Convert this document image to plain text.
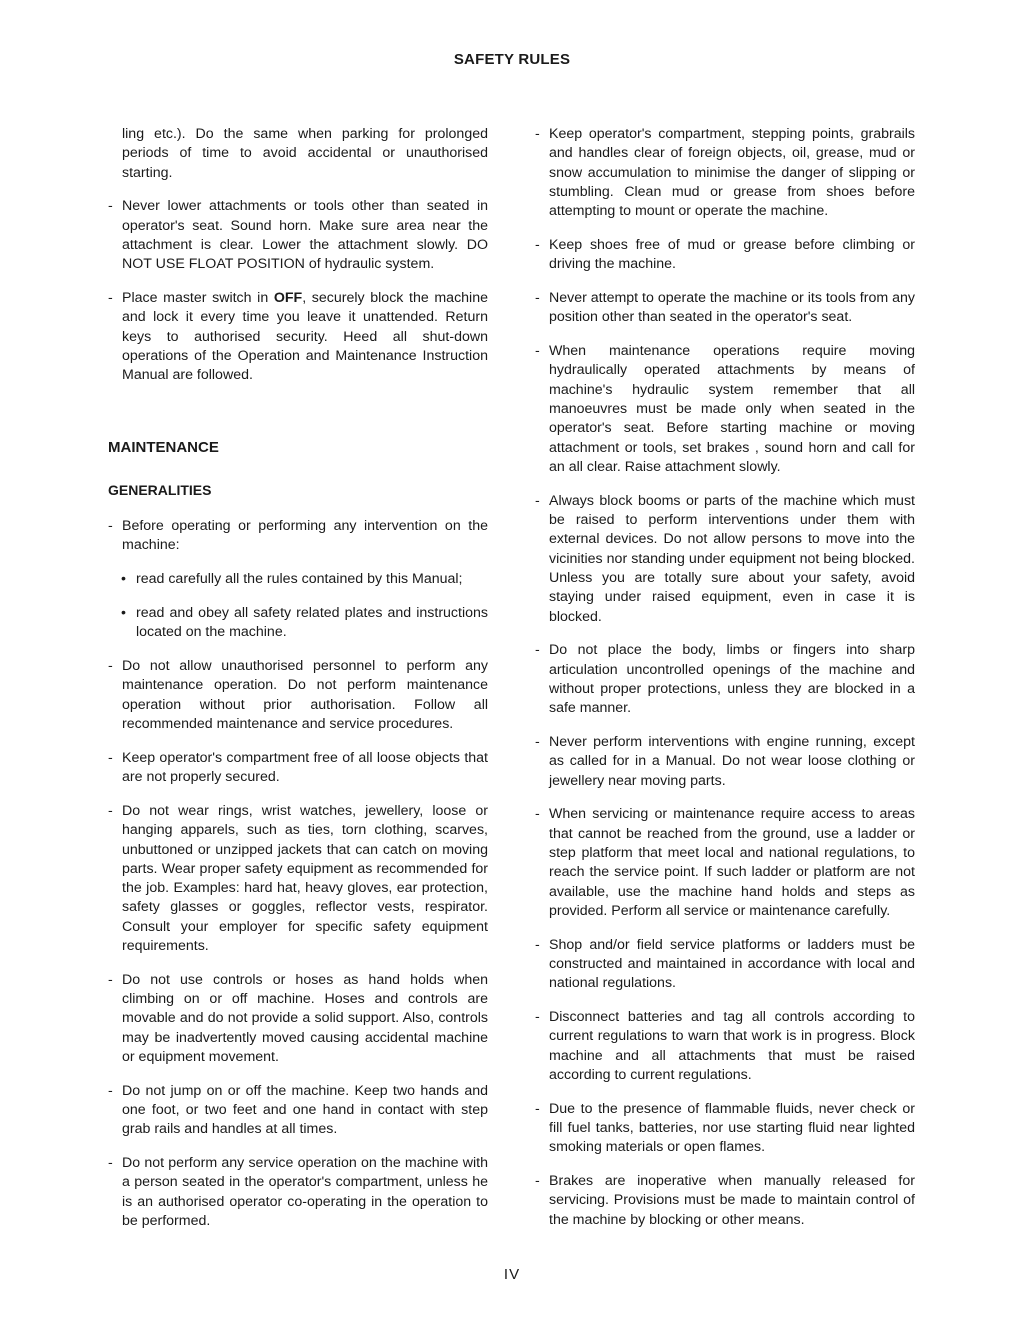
SAFETY RULES

ling etc.). Do the same when parking for prolonged periods of time to avoid accidental or unauthorised starting.

- Never lower attachments or tools other than seated in operator's seat. Sound horn. Make sure area near the attachment is clear. Lower the attachment slowly. DO NOT USE FLOAT POSITION of hydraulic system.
- Place master switch in OFF, securely block the machine and lock it every time you leave it unattended. Return keys to authorised security. Heed all shut-down operations of the Operation and Maintenance Instruction Manual are followed.
MAINTENANCE
GENERALITIES
- Before operating or performing any intervention on the machine:
• read carefully all the rules contained by this Manual;
• read and obey all safety related plates and instructions located on the machine.
- Do not allow unauthorised personnel to perform any maintenance operation. Do not perform maintenance operation without prior authorisation. Follow all recommended maintenance and service procedures.
- Keep operator's compartment free of all loose objects that are not properly secured.
- Do not wear rings, wrist watches, jewellery, loose or hanging apparels, such as ties, torn clothing, scarves, unbuttoned or unzipped jackets that can catch on moving parts. Wear proper safety equipment as recommended for the job. Examples: hard hat, heavy gloves, ear protection, safety glasses or goggles, reflector vests, respirator. Consult your employer for specific safety equipment requirements.
- Do not use controls or hoses as hand holds when climbing on or off machine. Hoses and controls are movable and do not provide a solid support. Also, controls may be inadvertently moved causing accidental machine or equipment movement.
- Do not jump on or off the machine. Keep two hands and one foot, or two feet and one hand in contact with step grab rails and handles at all times.
- Do not perform any service operation on the machine with a person seated in the operator's compartment, unless he is an authorised operator co-operating in the operation to be performed.
- Keep operator's compartment, stepping points, grabrails and handles clear of foreign objects, oil, grease, mud or snow accumulation to minimise the danger of slipping or stumbling. Clean mud or grease from shoes before attempting to mount or operate the machine.
- Keep shoes free of mud or grease before climbing or driving the machine.
- Never attempt to operate the machine or its tools from any position other than seated in the operator's seat.
- When maintenance operations require moving hydraulically operated attachments by means of machine's hydraulic system remember that all manoeuvres must be made only when seated in the operator's seat. Before starting machine or moving attachment or tools, set brakes , sound horn and call for an all clear. Raise attachment slowly.
- Always block booms or parts of the machine which must be raised to perform interventions under them with external devices. Do not allow persons to move into the vicinities nor standing under equipment not being blocked. Unless you are totally sure about your safety, avoid staying under raised equipment, even in case it is blocked.
- Do not place the body, limbs or fingers into sharp articulation uncontrolled openings of the machine and without proper protections, unless they are blocked in a safe manner.
- Never perform interventions with engine running, except as called for in a Manual. Do not wear loose clothing or jewellery near moving parts.
- When servicing or maintenance require access to areas that cannot be reached from the ground, use a ladder or step platform that meet local and national regulations, to reach the service point. If such ladder or platform are not available, use the machine hand holds and steps as provided. Perform all service or maintenance carefully.
- Shop and/or field service platforms or ladders must be constructed and maintained in accordance with local and national regulations.
- Disconnect batteries and tag all controls according to current regulations to warn that work is in progress. Block machine and all attachments that must be raised according to current regulations.
- Due to the presence of flammable fluids, never check or fill fuel tanks, batteries, nor use starting fluid near lighted smoking materials or open flames.
- Brakes are inoperative when manually released for servicing. Provisions must be made to maintain control of the machine by blocking or other means.
IV
